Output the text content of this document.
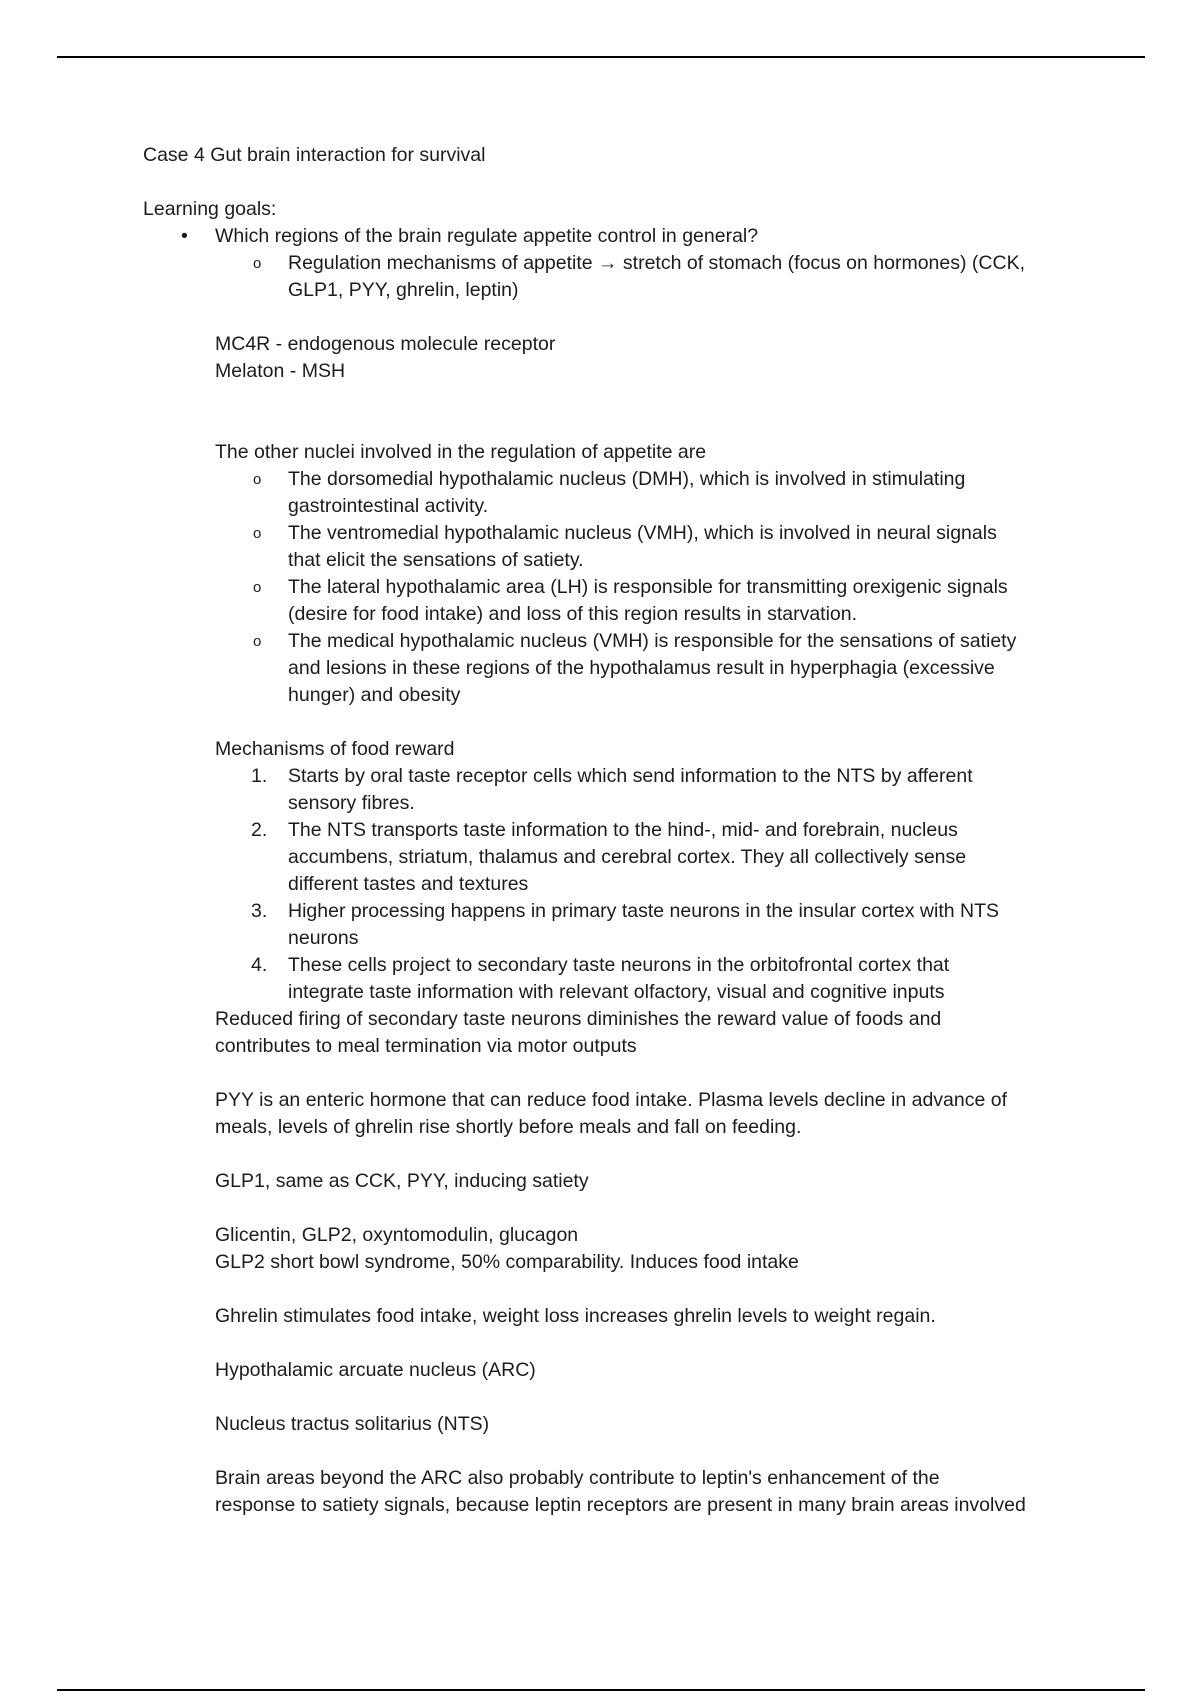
Case 4 Gut brain interaction for survival

Learning goals:

• Which regions of the brain regulate appetite control in general?

o Regulation mechanisms of appetite → stretch of stomach (focus on hormones) (CCK,

GLP1, PYY, ghrelin, leptin)

MC4R - endogenous molecule receptor

Melaton - MSH

The other nuclei involved in the regulation of appetite are

o The dorsomedial hypothalamic nucleus (DMH), which is involved in stimulating

gastrointestinal activity.

o The ventromedial hypothalamic nucleus (VMH), which is involved in neural signals

that elicit the sensations of satiety.

o The lateral hypothalamic area (LH) is responsible for transmitting orexigenic signals

(desire for food intake) and loss of this region results in starvation.

o The medical hypothalamic nucleus (VMH) is responsible for the sensations of satiety

and lesions in these regions of the hypothalamus result in hyperphagia (excessive

hunger) and obesity

Mechanisms of food reward

1. Starts by oral taste receptor cells which send information to the NTS by afferent

sensory fibres.

2. The NTS transports taste information to the hind-, mid- and forebrain, nucleus

accumbens, striatum, thalamus and cerebral cortex. They all collectively sense

different tastes and textures

3. Higher processing happens in primary taste neurons in the insular cortex with NTS

neurons

4. These cells project to secondary taste neurons in the orbitofrontal cortex that

integrate taste information with relevant olfactory, visual and cognitive inputs

Reduced firing of secondary taste neurons diminishes the reward value of foods and

contributes to meal termination via motor outputs

PYY is an enteric hormone that can reduce food intake. Plasma levels decline in advance of

meals, levels of ghrelin rise shortly before meals and fall on feeding.

GLP1, same as CCK, PYY, inducing satiety

Glicentin, GLP2, oxyntomodulin, glucagon

GLP2 short bowl syndrome, 50% comparability. Induces food intake

Ghrelin stimulates food intake, weight loss increases ghrelin levels to weight regain.

Hypothalamic arcuate nucleus (ARC)

Nucleus tractus solitarius (NTS)

Brain areas beyond the ARC also probably contribute to leptin's enhancement of the

response to satiety signals, because leptin receptors are present in many brain areas involved
